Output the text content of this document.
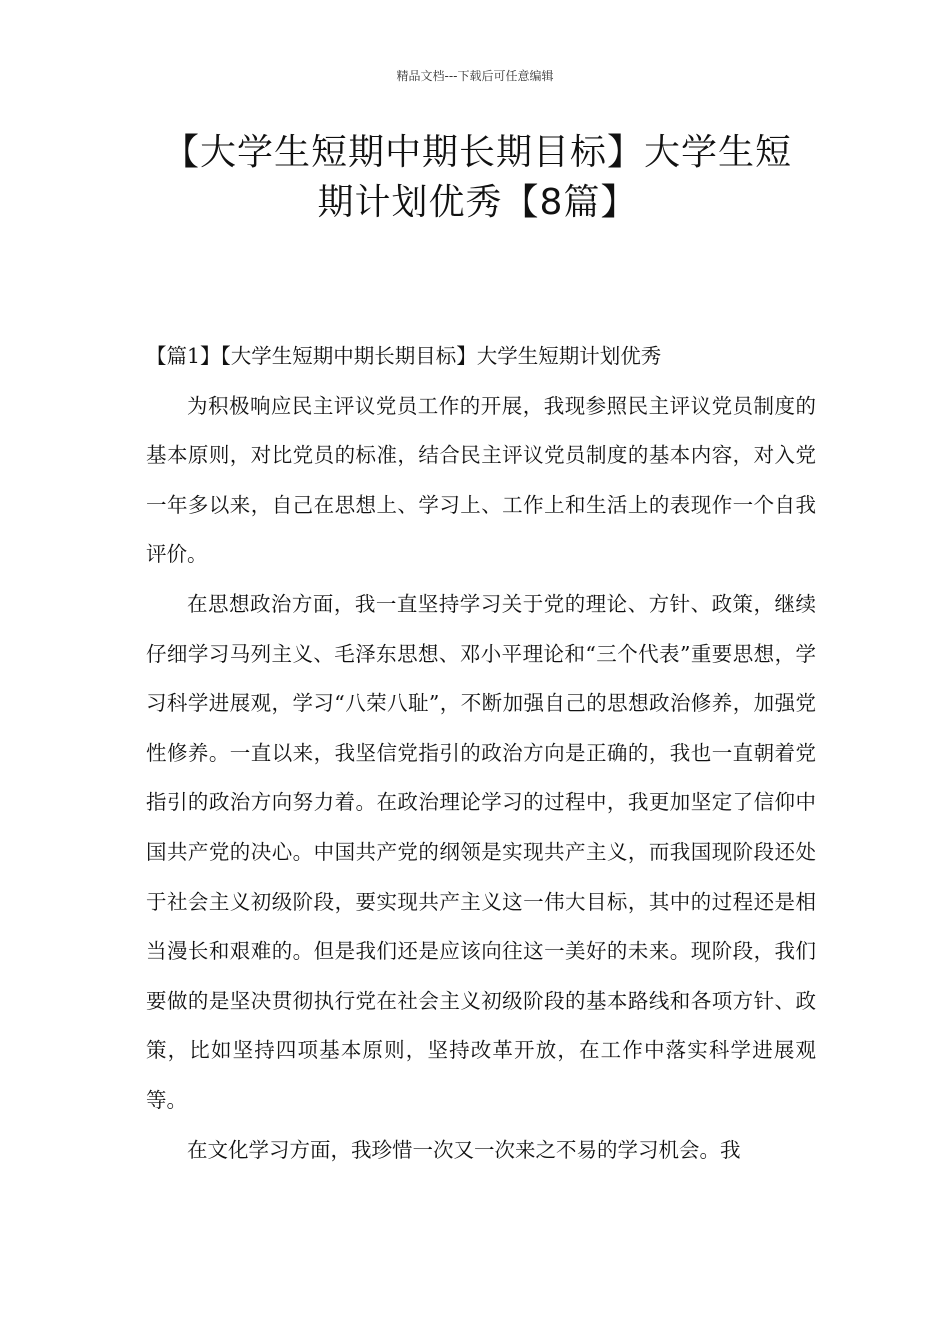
精品文档---下载后可任意编辑
【大学生短期中期长期目标】大学生短期计划优秀【8篇】

【篇1】【大学生短期中期长期目标】大学生短期计划优秀

为积极响应民主评议党员工作的开展，我现参照民主评议党员制度的基本原则，对比党员的标准，结合民主评议党员制度的基本内容，对入党一年多以来，自己在思想上、学习上、工作上和生活上的表现作一个自我评价。

在思想政治方面，我一直坚持学习关于党的理论、方针、政策，继续仔细学习马列主义、毛泽东思想、邓小平理论和“三个代表”重要思想，学习科学进展观，学习“八荣八耻”，不断加强自己的思想政治修养，加强党性修养。一直以来，我坚信党指引的政治方向是正确的，我也一直朝着党指引的政治方向努力着。在政治理论学习的过程中，我更加坚定了信仰中国共产党的决心。中国共产党的纲领是实现共产主义，而我国现阶段还处于社会主义初级阶段，要实现共产主义这一伟大目标，其中的过程还是相当漫长和艰难的。但是我们还是应该向往这一美好的未来。现阶段，我们要做的是坚决贯彻执行党在社会主义初级阶段的基本路线和各项方针、政策，比如坚持四项基本原则，坚持改革开放，在工作中落实科学进展观等。

在文化学习方面，我珍惜一次又一次来之不易的学习机会。我
